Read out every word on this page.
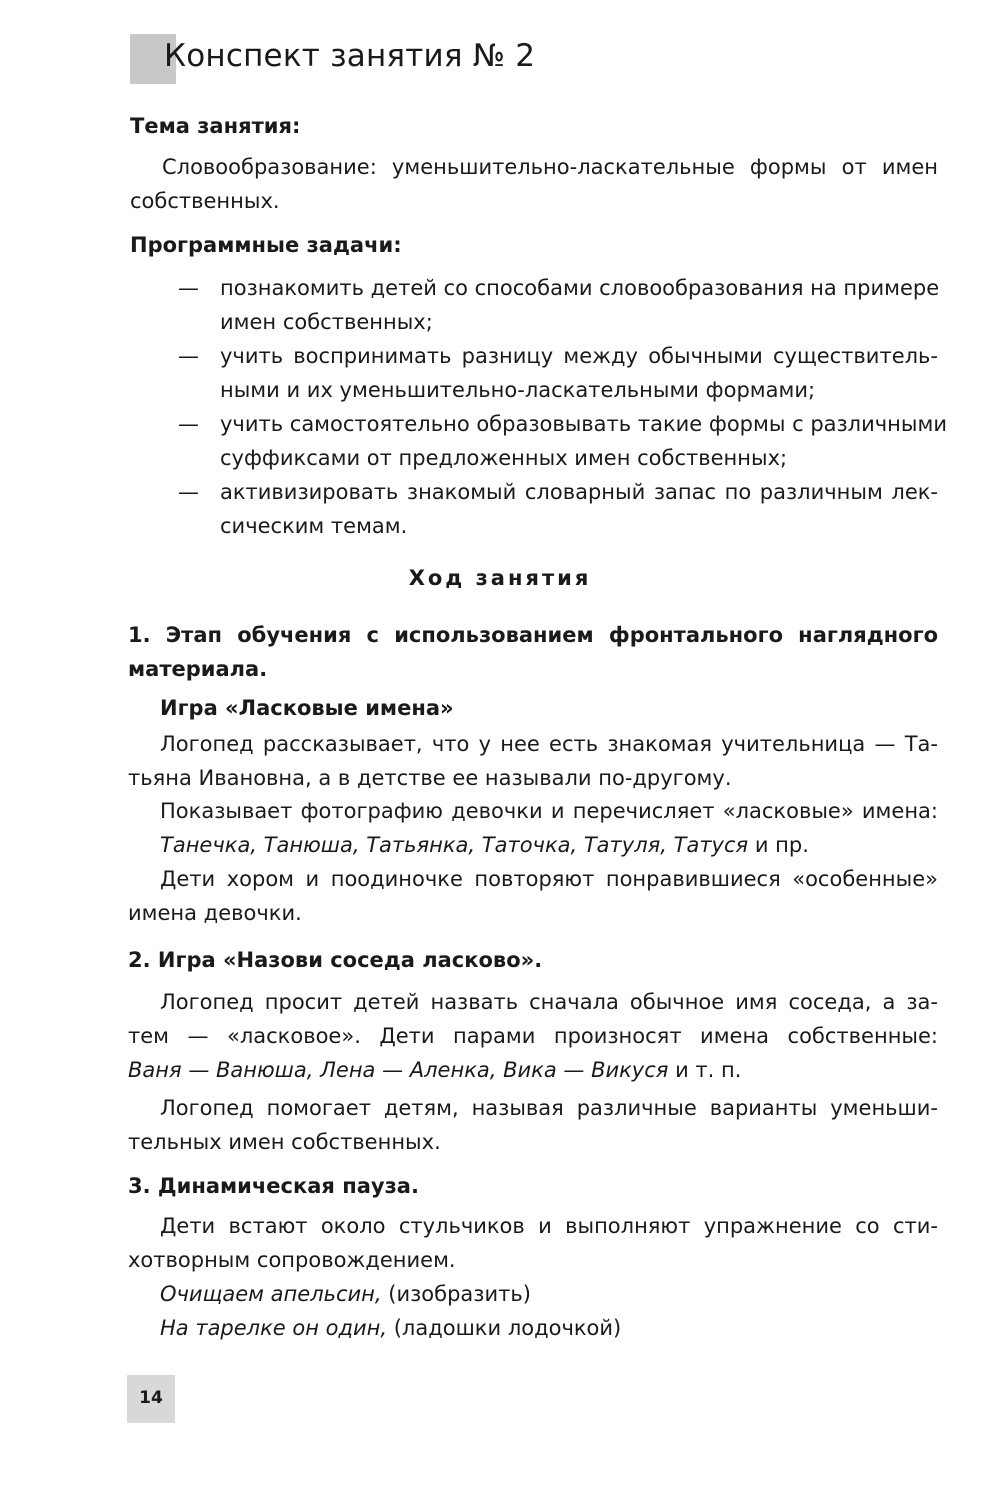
Конспект занятия № 2
Тема занятия:
Словообразование: уменьшительно-ласкательные формы от имен
собственных.
Программные задачи:
— познакомить детей со способами словообразования на примере
имен собственных;
— учить воспринимать разницу между обычными существитель-
ными и их уменьшительно-ласкательными формами;
— учить самостоятельно образовывать такие формы с различными
суффиксами от предложенных имен собственных;
— активизировать знакомый словарный запас по различным лек-
сическим темам.
Ход занятия
1. Этап обучения с использованием фронтального наглядного
материала.
Игра «Ласковые имена»
Логопед рассказывает, что у нее есть знакомая учительница — Та-
тьяна Ивановна, а в детстве ее называли по-другому.
Показывает фотографию девочки и перечисляет «ласковые» имена:
Танечка, Танюша, Татьянка, Таточка, Татуля, Татуся и пр.
Дети хором и поодиночке повторяют понравившиеся «особенные»
имена девочки.
2. Игра «Назови соседа ласково».
Логопед просит детей назвать сначала обычное имя соседа, а за-
тем — «ласковое». Дети парами произносят имена собственные:
Ваня — Ванюша, Лена — Аленка, Вика — Викуся и т. п.
Логопед помогает детям, называя различные варианты уменьши-
тельных имен собственных.
3. Динамическая пауза.
Дети встают около стульчиков и выполняют упражнение со сти-
хотворным сопровождением.
Очищаем апельсин, (изобразить)
На тарелке он один, (ладошки лодочкой)
14
